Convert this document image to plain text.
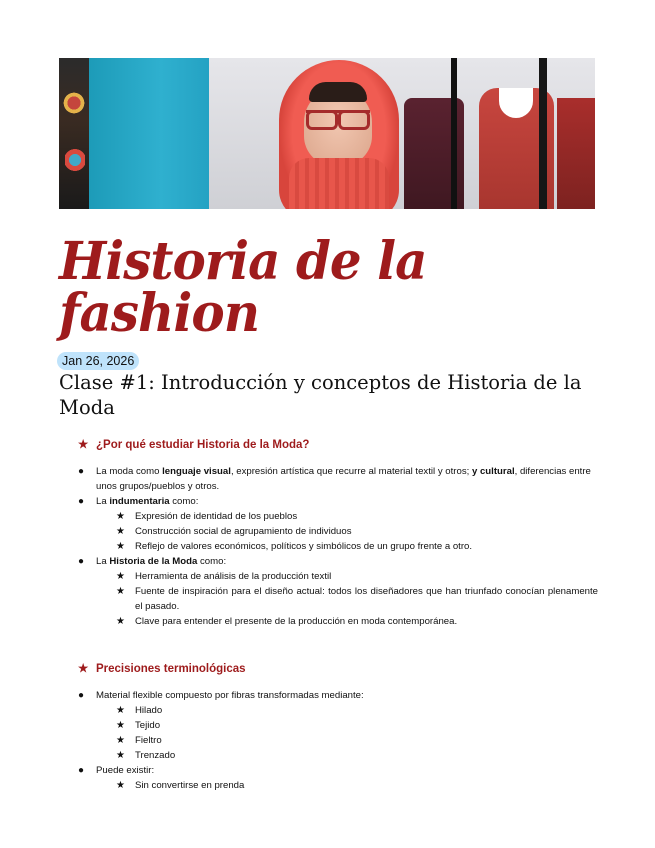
Historia de la fashion
Jan 26, 2026
Clase #1: Introducción y conceptos de Historia de la Moda
★ ¿Por qué estudiar Historia de la Moda?
● La moda como lenguaje visual, expresión artística que recurre al material textil y otros; y cultural, diferencias entre unos grupos/pueblos y otros.
● La indumentaria como:
★ Expresión de identidad de los pueblos
★ Construcción social de agrupamiento de individuos
★ Reflejo de valores económicos, políticos y simbólicos de un grupo frente a otro.
● La Historia de la Moda como:
★ Herramienta de análisis de la producción textil
★ Fuente de inspiración para el diseño actual: todos los diseñadores que han triunfado conocían plenamente el pasado.
★ Clave para entender el presente de la producción en moda contemporánea.
★ Precisiones terminológicas
● Material flexible compuesto por fibras transformadas mediante:
★ Hilado
★ Tejido
★ Fieltro
★ Trenzado
● Puede existir:
★ Sin convertirse en prenda
